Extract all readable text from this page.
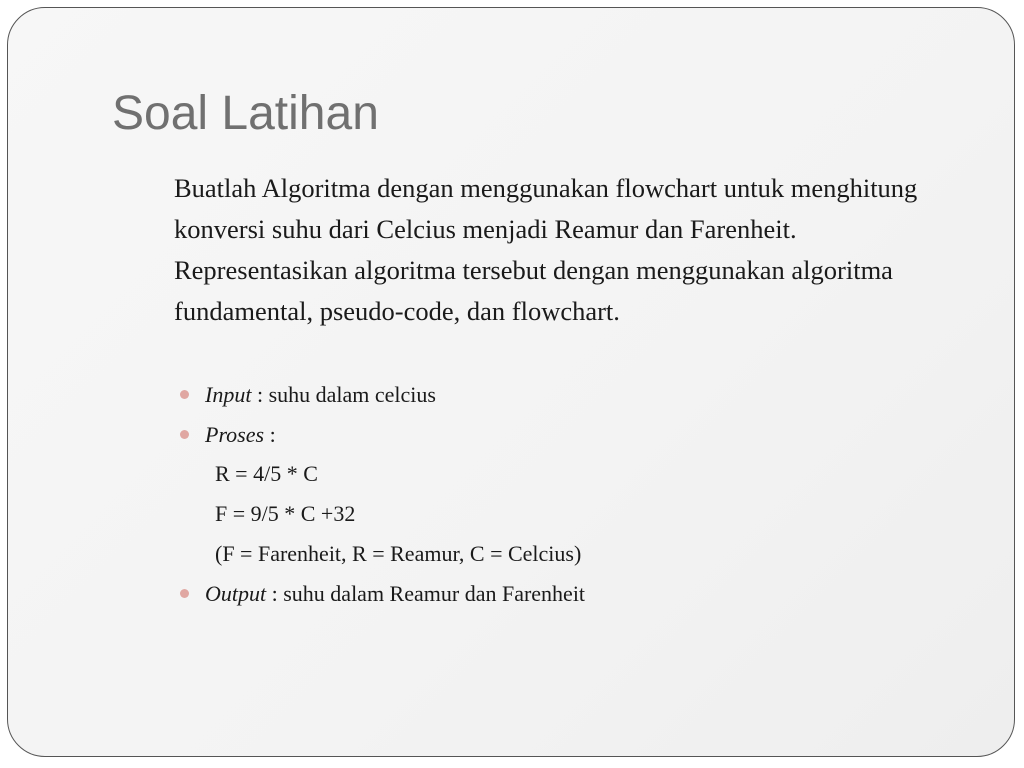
Soal Latihan
Buatlah Algoritma dengan menggunakan flowchart untuk menghitung konversi suhu dari Celcius menjadi Reamur dan Farenheit. Representasikan algoritma tersebut dengan menggunakan algoritma fundamental, pseudo-code, dan flowchart.
Input : suhu dalam celcius
Proses :
R = 4/5 * C
F = 9/5 * C +32
(F = Farenheit, R = Reamur, C = Celcius)
Output : suhu dalam Reamur dan Farenheit
